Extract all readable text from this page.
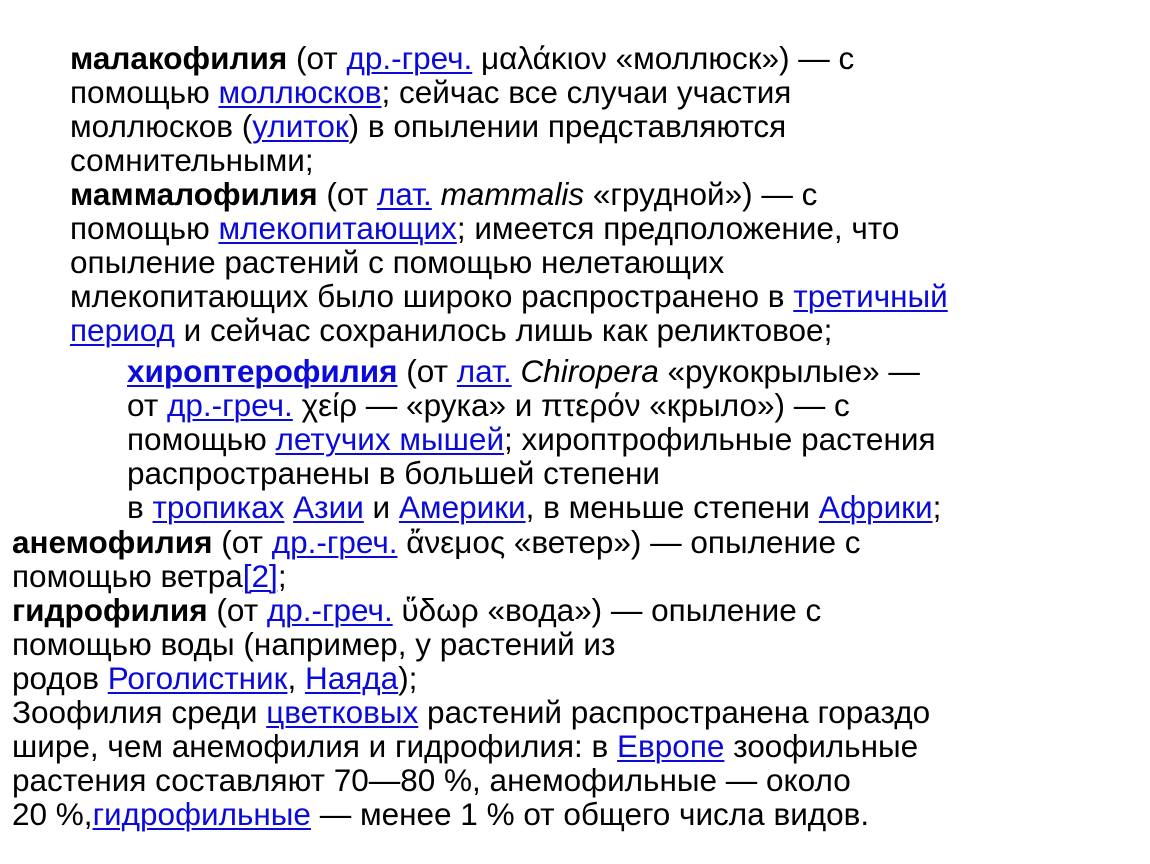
малакофилия (от др.-греч. μαλάκιον «моллюск») — с
помощью моллюсков; сейчас все случаи участия
моллюсков (улиток) в опылении представляются
сомнительными;
маммалофилия (от лат. mammalis «грудной») — с
помощью млекопитающих; имеется предположение, что
опыление растений с помощью нелетающих
млекопитающих было широко распространено в третичный
период и сейчас сохранилось лишь как реликтовое;
хироптерофилия (от лат. Chiropera «рукокрылые» —
от др.-греч. χείρ — «рука» и πτερόν «крыло») — с
помощью летучих мышей; хироптрофильные растения
распространены в большей степени
в тропиках Азии и Америки, в меньше степени Африки;
анемофилия (от др.-греч. ἄνεμος «ветер») — опыление с
помощью ветра[2];
гидрофилия (от др.-греч. ὕδωρ «вода») — опыление с
помощью воды (например, у растений из
родов Роголистник, Наяда);
Зоофилия среди цветковых растений распространена гораздо
шире, чем анемофилия и гидрофилия: в Европе зоофильные
растения составляют 70—80 %, анемофильные — около
20 %,гидрофильные — менее 1 % от общего числа видов.
